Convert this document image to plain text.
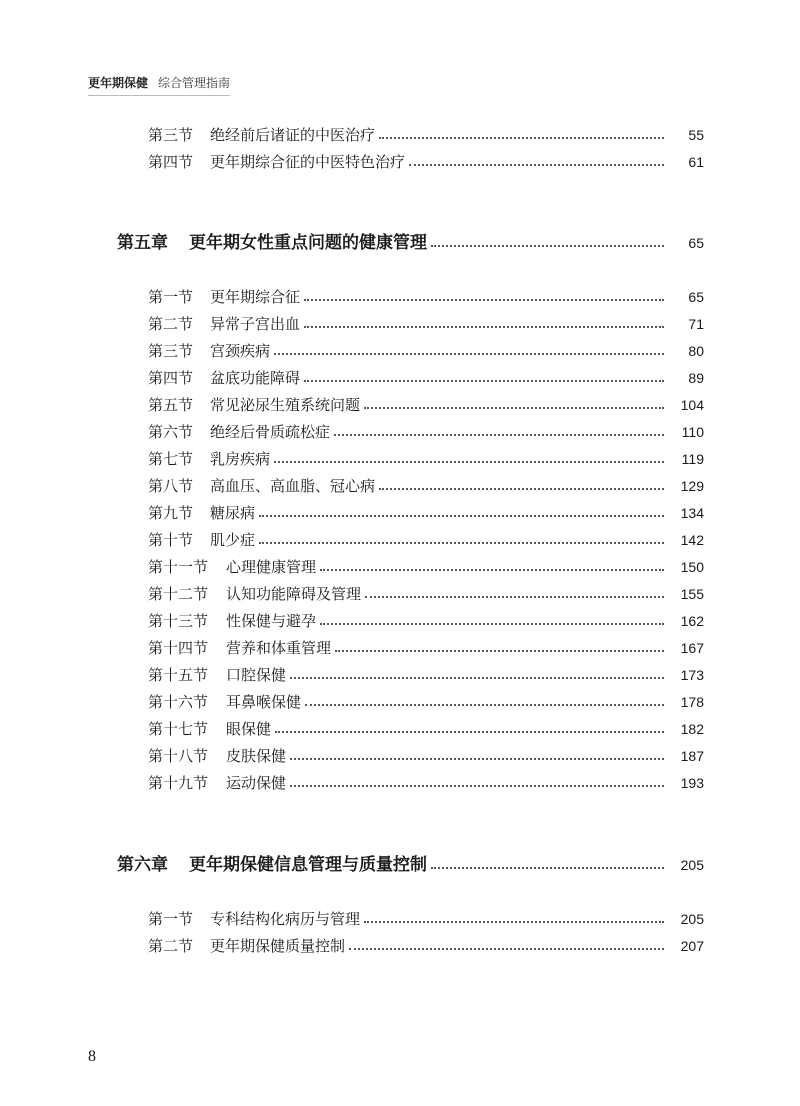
更年期保健 综合管理指南
第三节	绝经前后诸证的中医治疗	55
第四节	更年期综合征的中医特色治疗	61
第五章	更年期女性重点问题的健康管理	65
第一节	更年期综合征	65
第二节	异常子宫出血	71
第三节	宫颈疾病	80
第四节	盆底功能障碍	89
第五节	常见泌尿生殖系统问题	104
第六节	绝经后骨质疏松症	110
第七节	乳房疾病	119
第八节	高血压、高血脂、冠心病	129
第九节	糖尿病	134
第十节	肌少症	142
第十一节	心理健康管理	150
第十二节	认知功能障碍及管理	155
第十三节	性保健与避孕	162
第十四节	营养和体重管理	167
第十五节	口腔保健	173
第十六节	耳鼻喉保健	178
第十七节	眼保健	182
第十八节	皮肤保健	187
第十九节	运动保健	193
第六章	更年期保健信息管理与质量控制	205
第一节	专科结构化病历与管理	205
第二节	更年期保健质量控制	207
8
